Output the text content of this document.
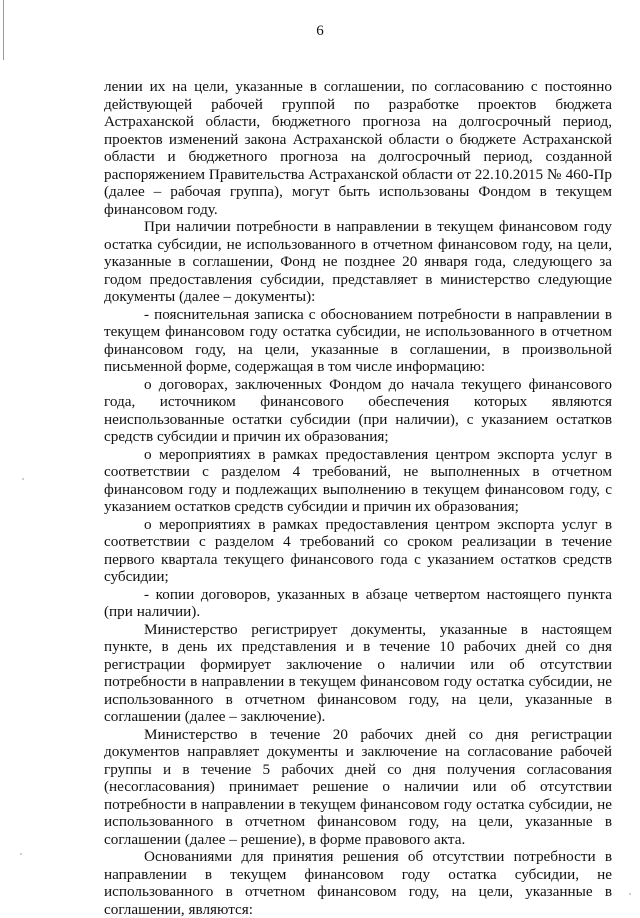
6

лении их на цели, указанные в соглашении, по согласованию с постоянно действующей рабочей группой по разработке проектов бюджета Астраханской области, бюджетного прогноза на долгосрочный период, проектов изменений закона Астраханской области о бюджете Астраханской области и бюджетного прогноза на долгосрочный период, созданной распоряжением Правительства Астраханской области от 22.10.2015 № 460-Пр (далее – рабочая группа), могут быть использованы Фондом в текущем финансовом году.

При наличии потребности в направлении в текущем финансовом году остатка субсидии, не использованного в отчетном финансовом году, на цели, указанные в соглашении, Фонд не позднее 20 января года, следующего за годом предоставления субсидии, представляет в министерство следующие документы (далее – документы):

- пояснительная записка с обоснованием потребности в направлении в текущем финансовом году остатка субсидии, не использованного в отчетном финансовом году, на цели, указанные в соглашении, в произвольной письменной форме, содержащая в том числе информацию:

о договорах, заключенных Фондом до начала текущего финансового года, источником финансового обеспечения которых являются неиспользованные остатки субсидии (при наличии), с указанием остатков средств субсидии и причин их образования;

о мероприятиях в рамках предоставления центром экспорта услуг в соответствии с разделом 4 требований, не выполненных в отчетном финансовом году и подлежащих выполнению в текущем финансовом году, с указанием остатков средств субсидии и причин их образования;

о мероприятиях в рамках предоставления центром экспорта услуг в соответствии с разделом 4 требований со сроком реализации в течение первого квартала текущего финансового года с указанием остатков средств субсидии;

- копии договоров, указанных в абзаце четвертом настоящего пункта (при наличии).

Министерство регистрирует документы, указанные в настоящем пункте, в день их представления и в течение 10 рабочих дней со дня регистрации формирует заключение о наличии или об отсутствии потребности в направлении в текущем финансовом году остатка субсидии, не использованного в отчетном финансовом году, на цели, указанные в соглашении (далее – заключение).

Министерство в течение 20 рабочих дней со дня регистрации документов направляет документы и заключение на согласование рабочей группы и в течение 5 рабочих дней со дня получения согласования (несогласования) принимает решение о наличии или об отсутствии потребности в направлении в текущем финансовом году остатка субсидии, не использованного в отчетном финансовом году, на цели, указанные в соглашении (далее – решение), в форме правового акта.

Основаниями для принятия решения об отсутствии потребности в направлении в текущем финансовом году остатка субсидии, не использованного в отчетном финансовом году, на цели, указанные в соглашении, являются:
